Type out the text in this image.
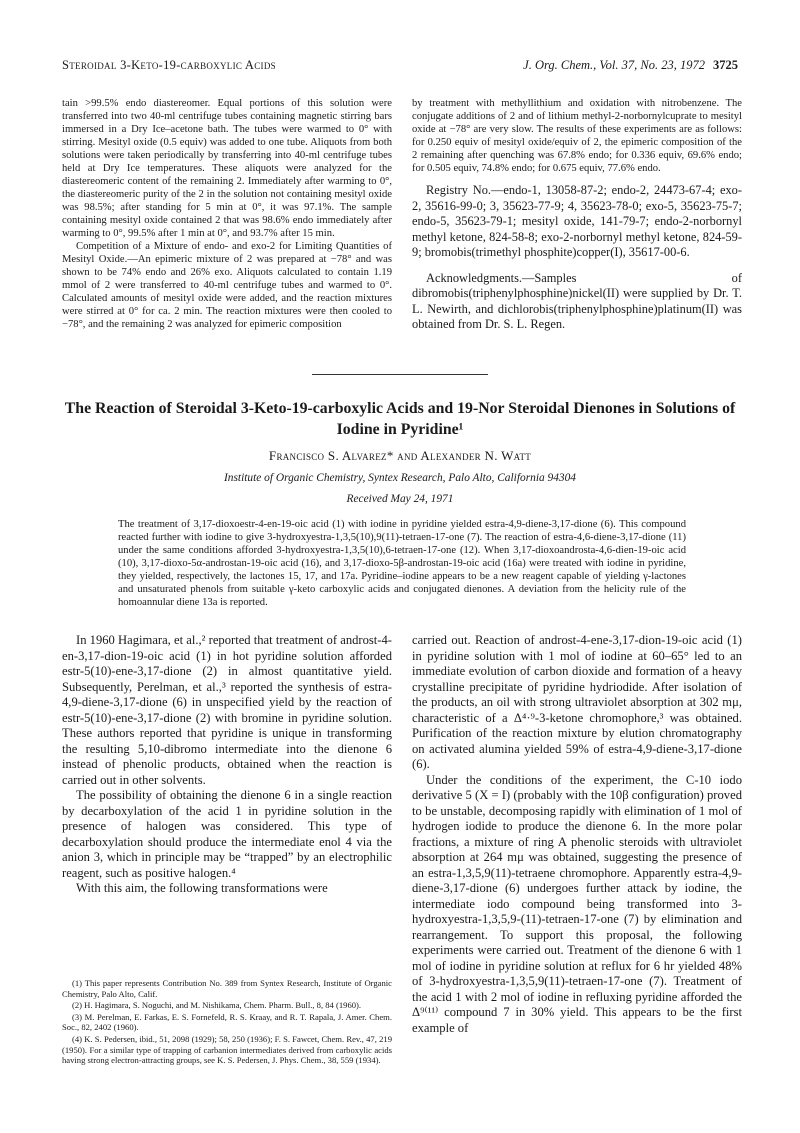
Steroidal 3-Keto-19-carboxylic Acids	J. Org. Chem., Vol. 37, No. 23, 1972 3725

tain >99.5% endo diastereomer. Equal portions of this solution were transferred into two 40-ml centrifuge tubes containing magnetic stirring bars immersed in a Dry Ice–acetone bath. The tubes were warmed to 0° with stirring. Mesityl oxide (0.5 equiv) was added to one tube. Aliquots from both solutions were taken periodically by transferring into 40-ml centrifuge tubes held at Dry Ice temperatures. These aliquots were analyzed for the diastereomeric content of the remaining 2. Immediately after warming to 0°, the diastereomeric purity of the 2 in the solution not containing mesityl oxide was 98.5%; after standing for 5 min at 0°, it was 97.1%. The sample containing mesityl oxide contained 2 that was 98.6% endo immediately after warming to 0°, 99.5% after 1 min at 0°, and 93.7% after 15 min.

Competition of a Mixture of endo- and exo-2 for Limiting Quantities of Mesityl Oxide.—An epimeric mixture of 2 was prepared at −78° and was shown to be 74% endo and 26% exo. Aliquots calculated to contain 1.19 mmol of 2 were transferred to 40-ml centrifuge tubes and warmed to 0°. Calculated amounts of mesityl oxide were added, and the reaction mixtures were stirred at 0° for ca. 2 min. The reaction mixtures were then cooled to −78°, and the remaining 2 was analyzed for epimeric composition

by treatment with methyllithium and oxidation with nitrobenzene. The conjugate additions of 2 and of lithium methyl-2-norbornylcuprate to mesityl oxide at −78° are very slow. The results of these experiments are as follows: for 0.250 equiv of mesityl oxide/equiv of 2, the epimeric composition of the 2 remaining after quenching was 67.8% endo; for 0.336 equiv, 69.6% endo; for 0.505 equiv, 74.8% endo; for 0.675 equiv, 77.6% endo.

Registry No.—endo-1, 13058-87-2; endo-2, 24473-67-4; exo-2, 35616-99-0; 3, 35623-77-9; 4, 35623-78-0; exo-5, 35623-75-7; endo-5, 35623-79-1; mesityl oxide, 141-79-7; endo-2-norbornyl methyl ketone, 824-58-8; exo-2-norbornyl methyl ketone, 824-59-9; bromobis(trimethyl phosphite)copper(I), 35617-00-6.

Acknowledgments.—Samples of dibromobis(triphenylphosphine)nickel(II) were supplied by Dr. T. L. Newirth, and dichlorobis(triphenylphosphine)platinum(II) was obtained from Dr. S. L. Regen.

The Reaction of Steroidal 3-Keto-19-carboxylic Acids and 19-Nor Steroidal Dienones in Solutions of Iodine in Pyridine¹
Francisco S. Alvarez* and Alexander N. Watt
Institute of Organic Chemistry, Syntex Research, Palo Alto, California 94304
Received May 24, 1971

The treatment of 3,17-dioxoestr-4-en-19-oic acid (1) with iodine in pyridine yielded estra-4,9-diene-3,17-dione (6). This compound reacted further with iodine to give 3-hydroxyestra-1,3,5(10),9(11)-tetraen-17-one (7). The reaction of estra-4,6-diene-3,17-dione (11) under the same conditions afforded 3-hydroxyestra-1,3,5(10),6-tetraen-17-one (12). When 3,17-dioxoandrosta-4,6-dien-19-oic acid (10), 3,17-dioxo-5α-androstan-19-oic acid (16), and 3,17-dioxo-5β-androstan-19-oic acid (16a) were treated with iodine in pyridine, they yielded, respectively, the lactones 15, 17, and 17a. Pyridine–iodine appears to be a new reagent capable of yielding γ-lactones and unsaturated phenols from suitable γ-keto carboxylic acids and conjugated dienones. A deviation from the helicity rule of the homoannular diene 13a is reported.

In 1960 Hagimara, et al.,² reported that treatment of androst-4-en-3,17-dion-19-oic acid (1) in hot pyridine solution afforded estr-5(10)-ene-3,17-dione (2) in almost quantitative yield. Subsequently, Perelman, et al.,³ reported the synthesis of estra-4,9-diene-3,17-dione (6) in unspecified yield by the reaction of estr-5(10)-ene-3,17-dione (2) with bromine in pyridine solution. These authors reported that pyridine is unique in transforming the resulting 5,10-dibromo intermediate into the dienone 6 instead of phenolic products, obtained when the reaction is carried out in other solvents.

The possibility of obtaining the dienone 6 in a single reaction by decarboxylation of the acid 1 in pyridine solution in the presence of halogen was considered. This type of decarboxylation should produce the intermediate enol 4 via the anion 3, which in principle may be “trapped” by an electrophilic reagent, such as positive halogen.⁴

With this aim, the following transformations were

(1) This paper represents Contribution No. 389 from Syntex Research, Institute of Organic Chemistry, Palo Alto, Calif.

(2) H. Hagimara, S. Noguchi, and M. Nishikama, Chem. Pharm. Bull., 8, 84 (1960).

(3) M. Perelman, E. Farkas, E. S. Fornefeld, R. S. Kraay, and R. T. Rapala, J. Amer. Chem. Soc., 82, 2402 (1960).

(4) K. S. Pedersen, ibid., 51, 2098 (1929); 58, 250 (1936); F. S. Fawcet, Chem. Rev., 47, 219 (1950). For a similar type of trapping of carbanion intermediates derived from carboxylic acids having strong electron-attracting groups, see K. S. Pedersen, J. Phys. Chem., 38, 559 (1934).

carried out. Reaction of androst-4-ene-3,17-dion-19-oic acid (1) in pyridine solution with 1 mol of iodine at 60–65° led to an immediate evolution of carbon dioxide and formation of a heavy crystalline precipitate of pyridine hydriodide. After isolation of the products, an oil with strong ultraviolet absorption at 302 mμ, characteristic of a Δ⁴·⁹-3-ketone chromophore,³ was obtained. Purification of the reaction mixture by elution chromatography on activated alumina yielded 59% of estra-4,9-diene-3,17-dione (6).

Under the conditions of the experiment, the C-10 iodo derivative 5 (X = I) (probably with the 10β configuration) proved to be unstable, decomposing rapidly with elimination of 1 mol of hydrogen iodide to produce the dienone 6. In the more polar fractions, a mixture of ring A phenolic steroids with ultraviolet absorption at 264 mμ was obtained, suggesting the presence of an estra-1,3,5,9(11)-tetraene chromophore. Apparently estra-4,9-diene-3,17-dione (6) undergoes further attack by iodine, the intermediate iodo compound being transformed into 3-hydroxyestra-1,3,5,9-(11)-tetraen-17-one (7) by elimination and rearrangement. To support this proposal, the following experiments were carried out. Treatment of the dienone 6 with 1 mol of iodine in pyridine solution at reflux for 6 hr yielded 48% of 3-hydroxyestra-1,3,5,9(11)-tetraen-17-one (7). Treatment of the acid 1 with 2 mol of iodine in refluxing pyridine afforded the Δ⁹⁽¹¹⁾ compound 7 in 30% yield. This appears to be the first example of
